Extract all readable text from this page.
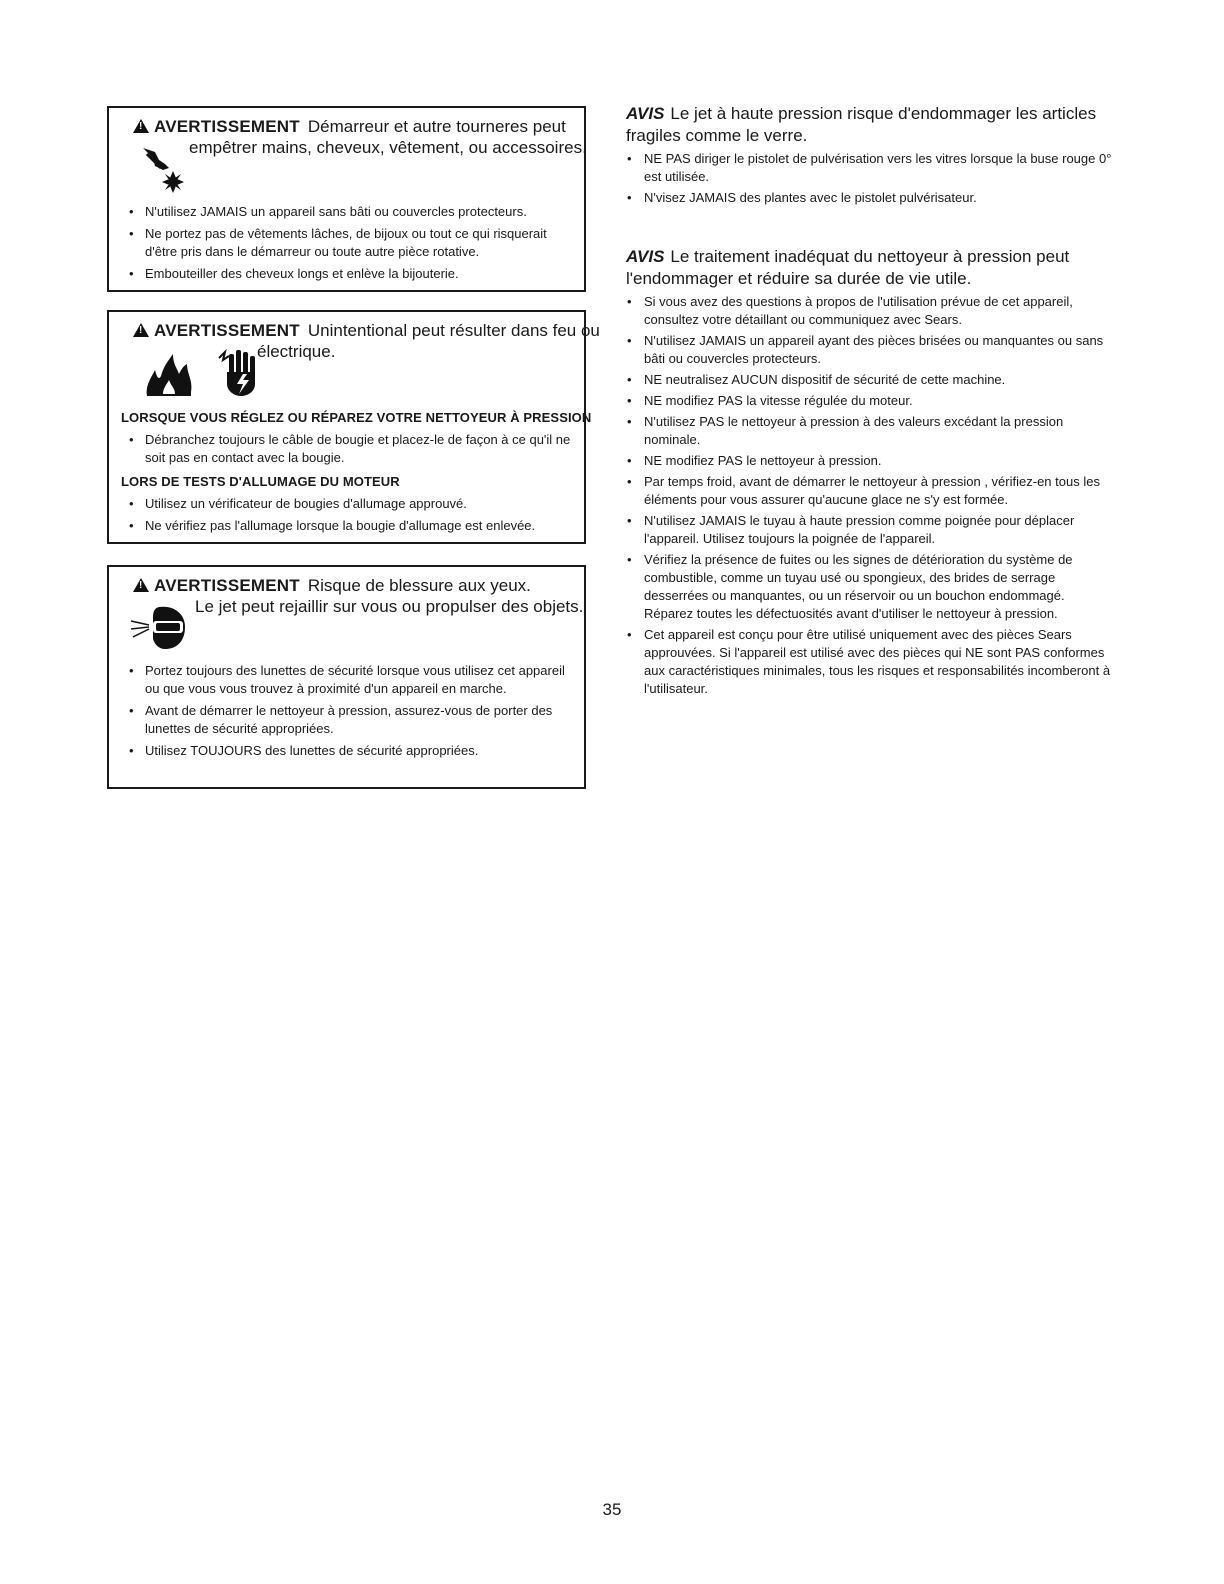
!AVERTISSEMENT Démarreur et autre tourneres peut
empêtrer mains, cheveux, vêtement, ou accessoires.
• N'utilisez JAMAIS un appareil sans bâti ou couvercles protecteurs.
• Ne portez pas de vêtements lâches, de bijoux ou tout ce qui risquerait d'être pris dans le démarreur ou toute autre pièce rotative.
• Embouteiller des cheveux longs et enlève la bijouterie.
!AVERTISSEMENT Unintentional peut résulter dans feu ou
électrique.
LORSQUE VOUS RÉGLEZ OU RÉPAREZ VOTRE NETTOYEUR À PRESSION
• Débranchez toujours le câble de bougie et placez-le de façon à ce qu'il ne soit pas en contact avec la bougie.
LORS DE TESTS D'ALLUMAGE DU MOTEUR
• Utilisez un vérificateur de bougies d'allumage approuvé.
• Ne vérifiez pas l'allumage lorsque la bougie d'allumage est enlevée.
!AVERTISSEMENT Risque de blessure aux yeux.
Le jet peut rejaillir sur vous ou propulser des objets.
• Portez toujours des lunettes de sécurité lorsque vous utilisez cet appareil ou que vous vous trouvez à proximité d'un appareil en marche.
• Avant de démarrer le nettoyeur à pression, assurez-vous de porter des lunettes de sécurité appropriées.
• Utilisez TOUJOURS des lunettes de sécurité appropriées.
AVIS Le jet à haute pression risque d'endommager les articles fragiles comme le verre.
• NE PAS diriger le pistolet de pulvérisation vers les vitres lorsque la buse rouge 0° est utilisée.
• N'visez JAMAIS des plantes avec le pistolet pulvérisateur.
AVIS Le traitement inadéquat du nettoyeur à pression peut l'endommager et réduire sa durée de vie utile.
• Si vous avez des questions à propos de l'utilisation prévue de cet appareil, consultez votre détaillant ou communiquez avec Sears.
• N'utilisez JAMAIS un appareil ayant des pièces brisées ou manquantes ou sans bâti ou couvercles protecteurs.
• NE neutralisez AUCUN dispositif de sécurité de cette machine.
• NE modifiez PAS la vitesse régulée du moteur.
• N'utilisez PAS le nettoyeur à pression à des valeurs excédant la pression nominale.
• NE modifiez PAS le nettoyeur à pression.
• Par temps froid, avant de démarrer le nettoyeur à pression , vérifiez-en tous les éléments pour vous assurer qu'aucune glace ne s'y est formée.
• N'utilisez JAMAIS le tuyau à haute pression comme poignée pour déplacer l'appareil. Utilisez toujours la poignée de l'appareil.
• Vérifiez la présence de fuites ou les signes de détérioration du système de combustible, comme un tuyau usé ou spongieux, des brides de serrage desserrées ou manquantes, ou un réservoir ou un bouchon endommagé. Réparez toutes les défectuosités avant d'utiliser le nettoyeur à pression.
• Cet appareil est conçu pour être utilisé uniquement avec des pièces Sears approuvées. Si l'appareil est utilisé avec des pièces qui NE sont PAS conformes aux caractéristiques minimales, tous les risques et responsabilités incomberont à l'utilisateur.
35
